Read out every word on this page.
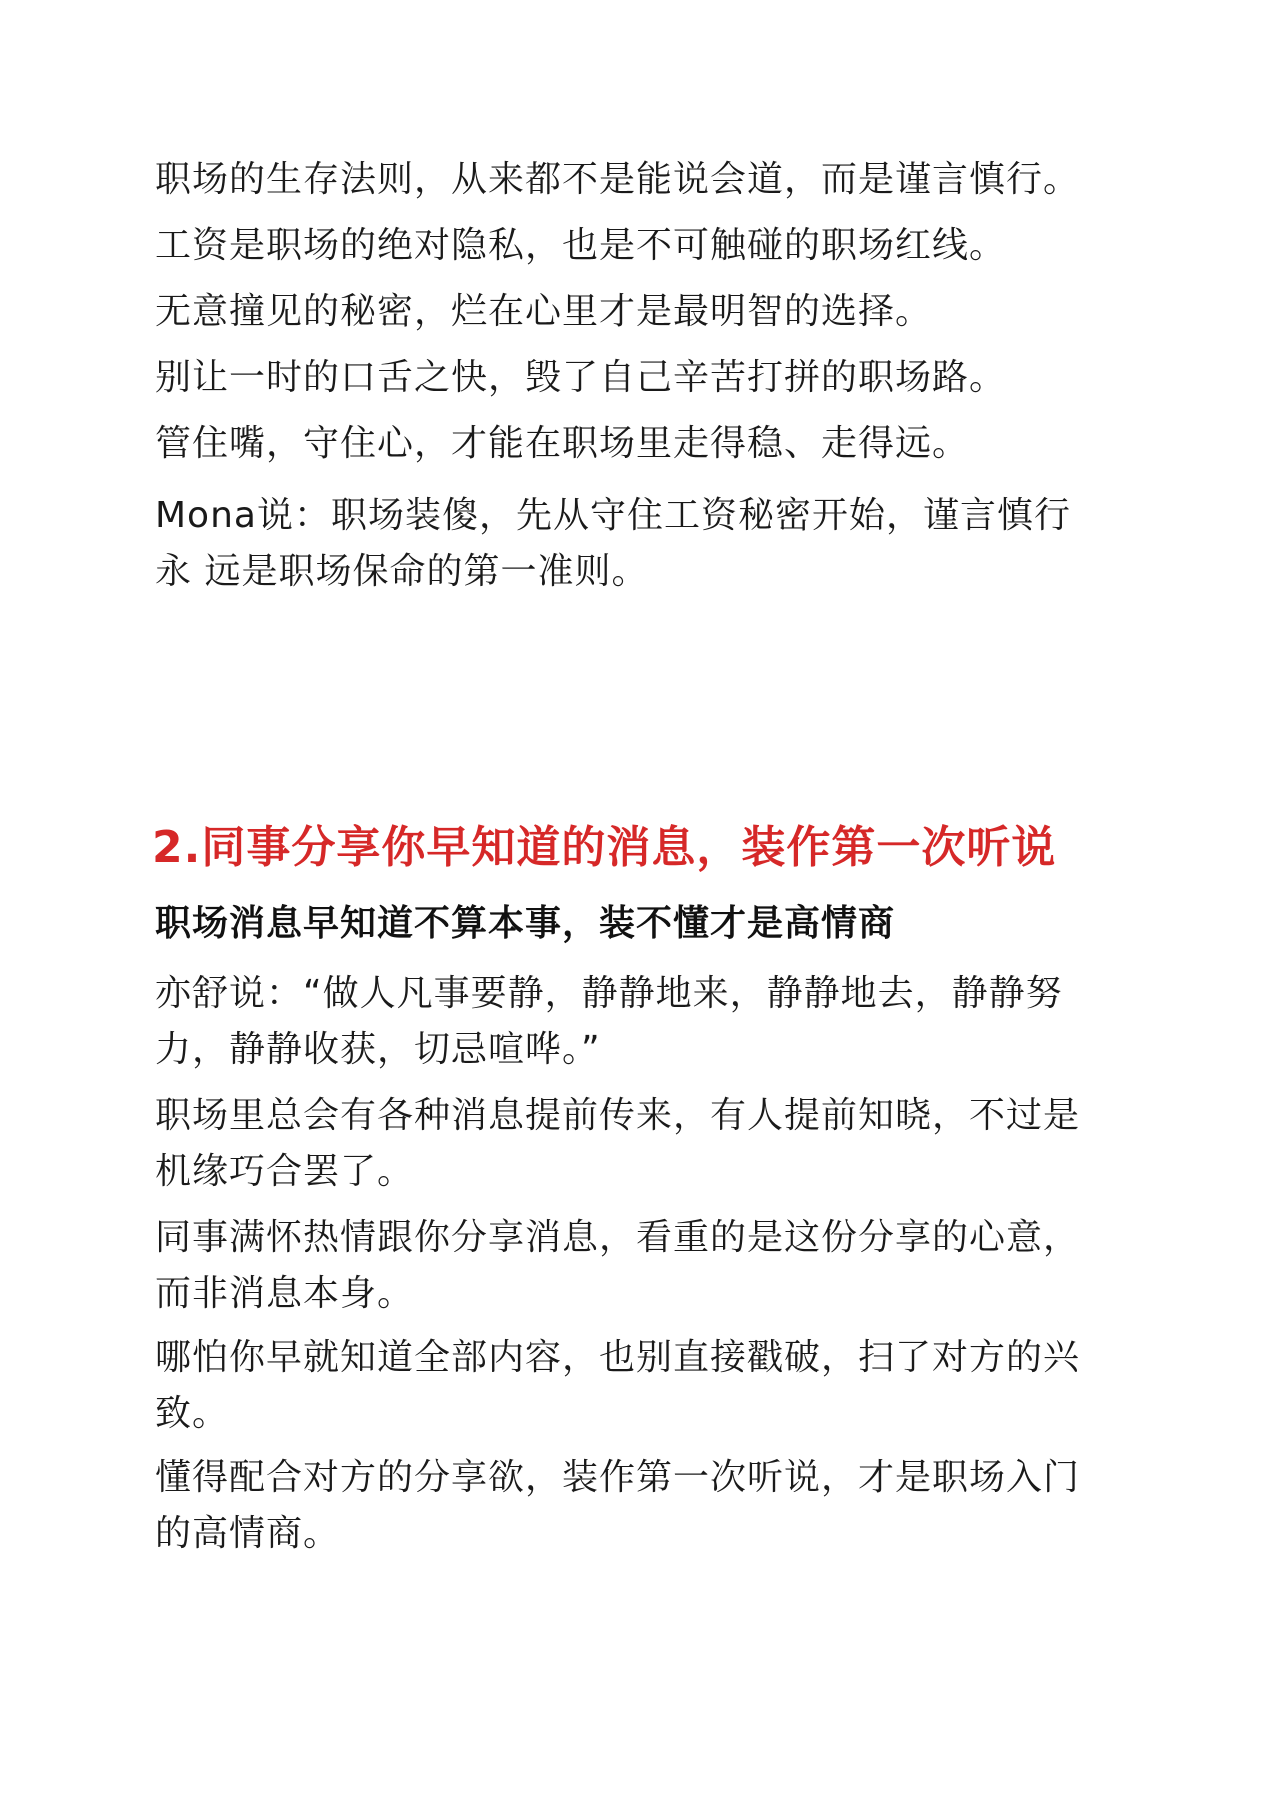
职场的生存法则，从来都不是能说会道，而是谨言慎行。

工资是职场的绝对隐私，也是不可触碰的职场红线。

无意撞见的秘密，烂在心里才是最明智的选择。

别让一时的口舌之快，毁了自己辛苦打拼的职场路。

管住嘴，守住心，才能在职场里走得稳、走得远。

Mona说：职场装傻，先从守住工资秘密开始，谨言慎行

永 远是职场保命的第一准则。

2.同事分享你早知道的消息，装作第一次听说
职场消息早知道不算本事，装不懂才是高情商

亦舒说：“做人凡事要静，静静地来，静静地去，静静努

力，静静收获，切忌喧哗。”

职场里总会有各种消息提前传来，有人提前知晓，不过是

机缘巧合罢了。

同事满怀热情跟你分享消息，看重的是这份分享的心意，

而非消息本身。

哪怕你早就知道全部内容，也别直接戳破，扫了对方的兴

致。

懂得配合对方的分享欲，装作第一次听说，才是职场入门

的高情商。
